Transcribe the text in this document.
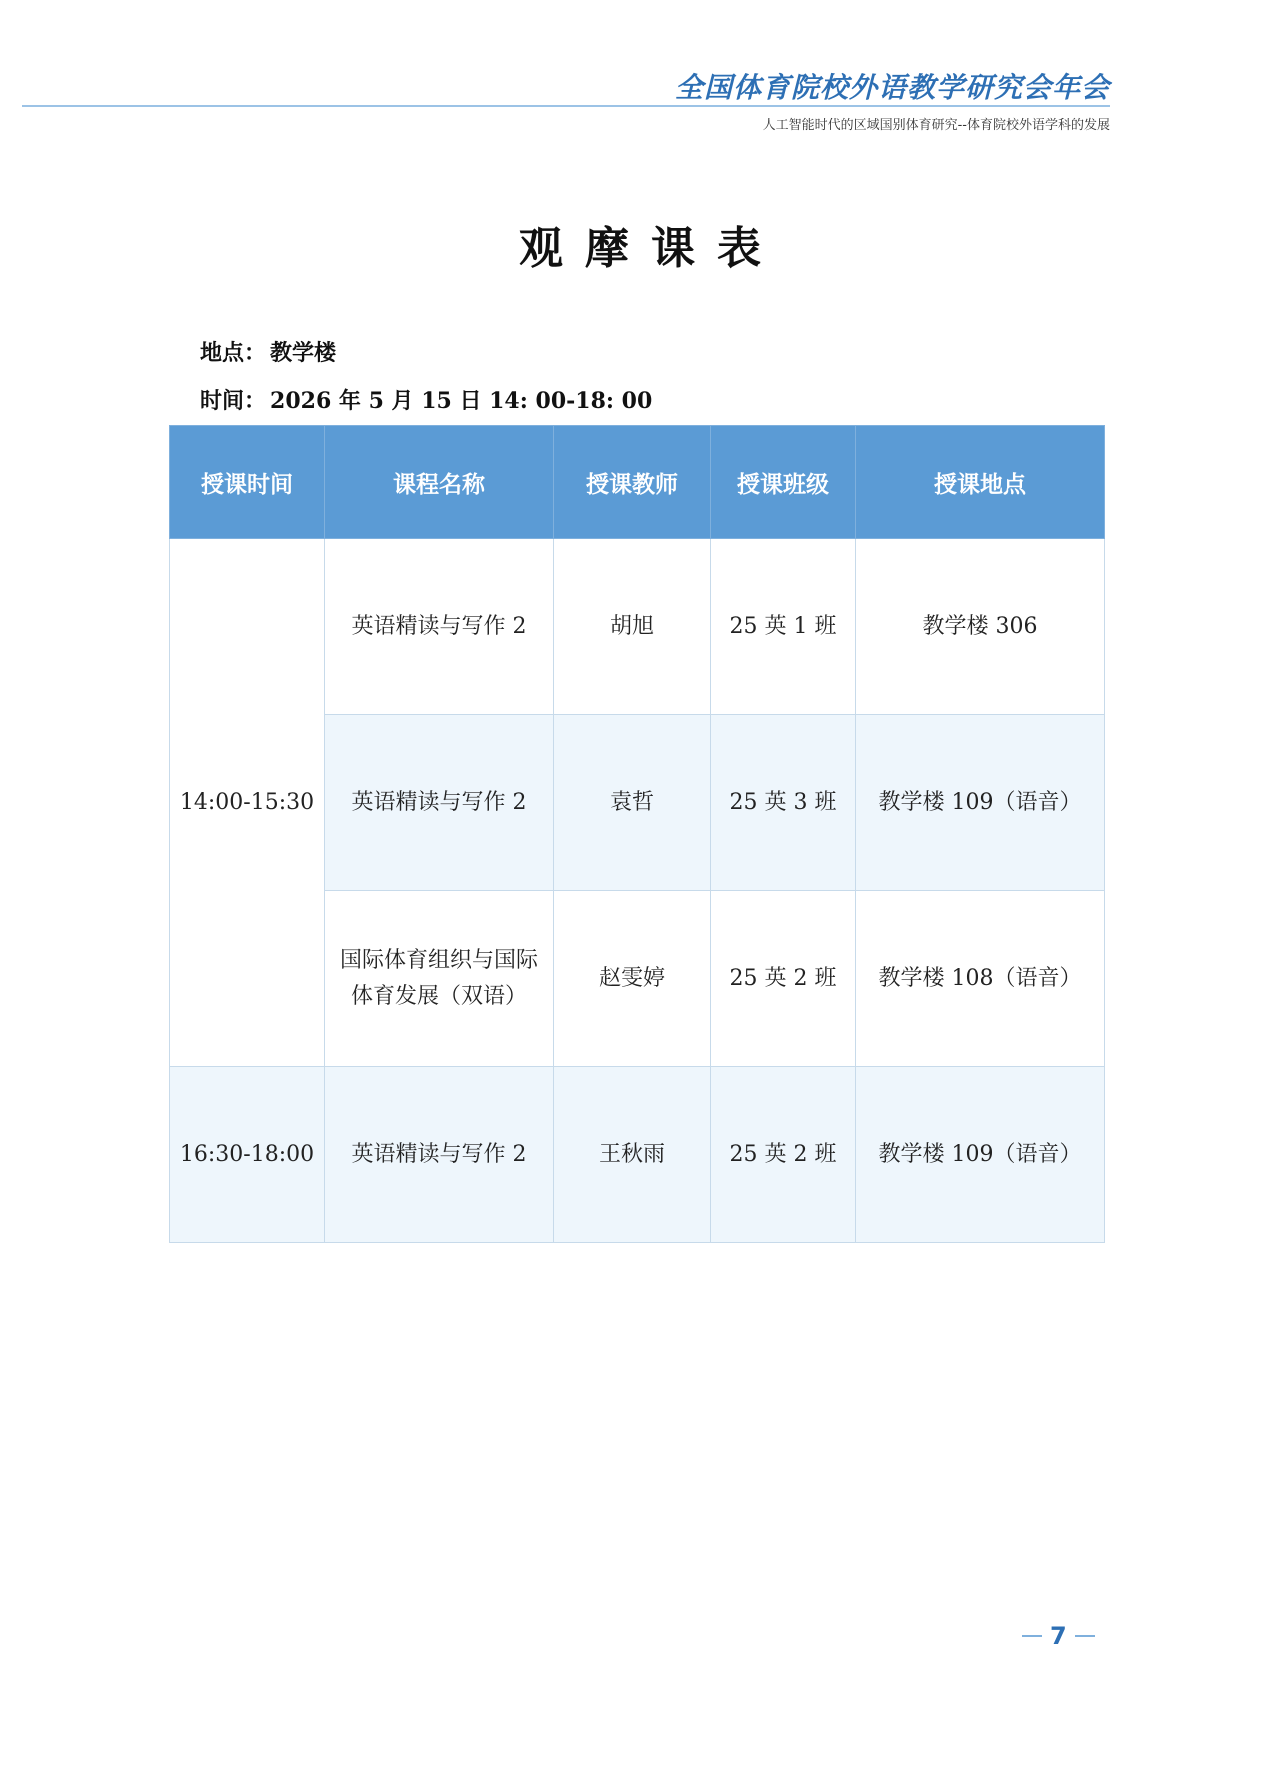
全国体育院校外语教学研究会年会
人工智能时代的区域国别体育研究--体育院校外语学科的发展
观摩课表
地点： 教学楼
时间： 2026 年 5 月 15 日 14: 00-18: 00
授课时间	课程名称	授课教师	授课班级	授课地点
14:00-15:30	英语精读与写作 2	胡旭	25 英 1 班	教学楼 306
	英语精读与写作 2	袁哲	25 英 3 班	教学楼 109（语音）
	国际体育组织与国际体育发展（双语）	赵雯婷	25 英 2 班	教学楼 108（语音）
16:30-18:00	英语精读与写作 2	王秋雨	25 英 2 班	教学楼 109（语音）
7
